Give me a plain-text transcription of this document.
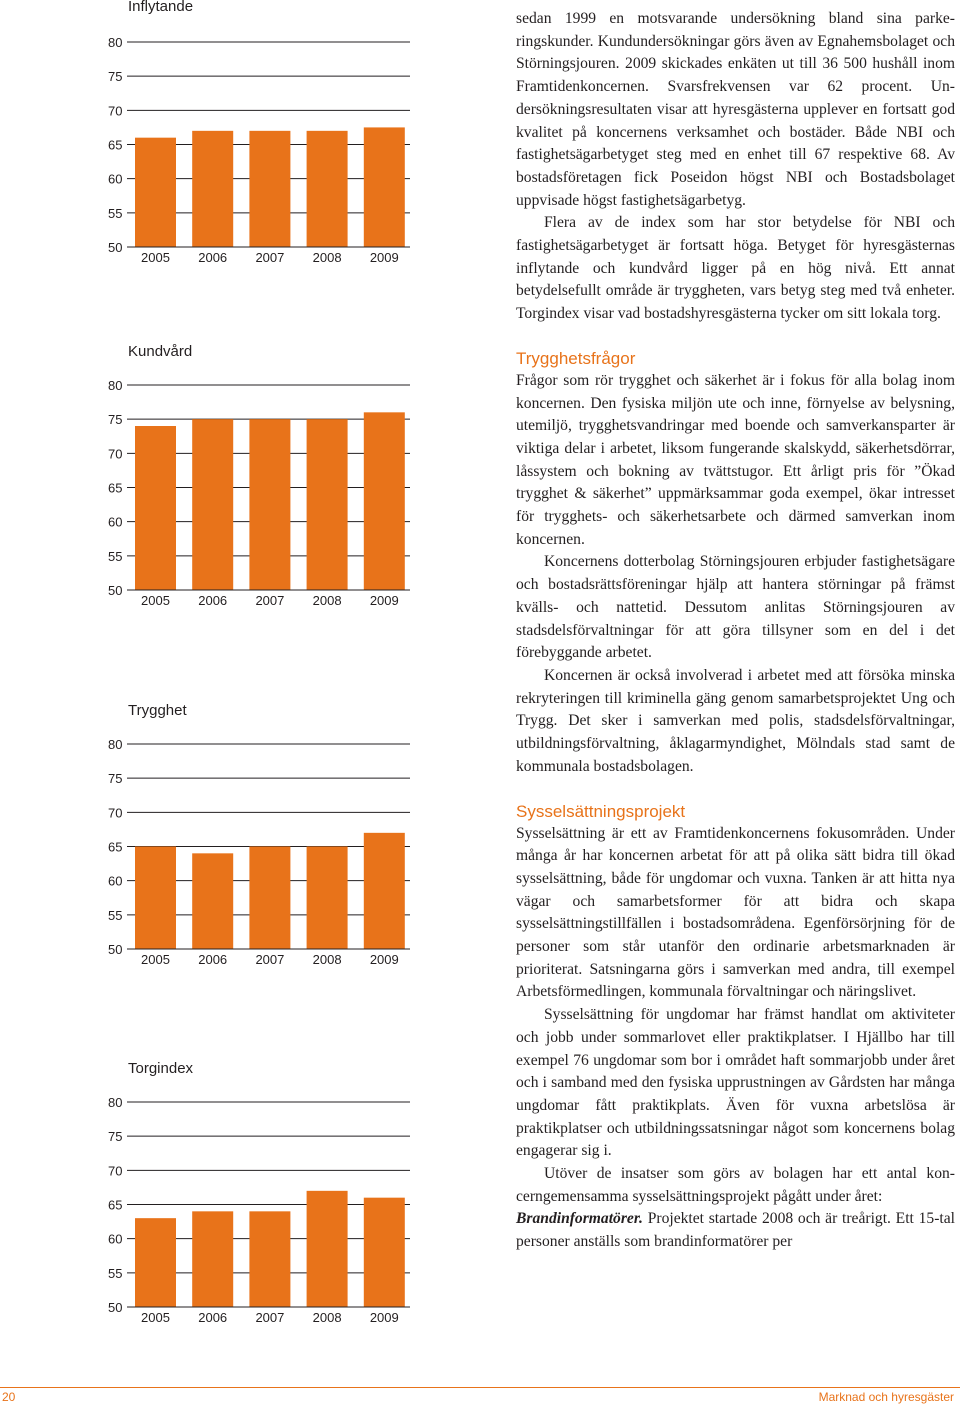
Inflytande
80
75
70
65
60
55
50
2005 2006 2007 2008 2009
Kundvård
80
75
70
65
60
55
50
2005 2006 2007 2008 2009
Trygghet
80
75
70
65
60
55
50
2005 2006 2007 2008 2009
Torgindex
80
75
70
65
60
55
50
2005 2006 2007 2008 2009

sedan 1999 en motsvarande undersökning bland sina parkeringskunder. Kundundersökningar görs även av Egnahemsbolaget och Störningsjouren. 2009 skickades enkäten ut till 36 500 hushåll inom Framtidenkoncernen. Svarsfrekvensen var 62 procent. Undersökningsresultaten visar att hyresgästerna upplever en fortsatt god kvalitet på koncernens verksamhet och bostäder. Både NBI och fastighetsägarbetyget steg med en enhet till 67 respektive 68. Av bostadsföretagen fick Poseidon högst NBI och Bostadsbolaget uppvisade högst fastighetsägarbetyg.

Flera av de index som har stor betydelse för NBI och fastighetsägarbetyget är fortsatt höga. Betyget för hyresgästernas inflytande och kundvård ligger på en hög nivå. Ett annat betydelsefullt område är tryggheten, vars betyg steg med två enheter. Torgindex visar vad bostadshyresgästerna tycker om sitt lokala torg.

Trygghetsfrågor

Frågor som rör trygghet och säkerhet är i fokus för alla bolag inom koncernen. Den fysiska miljön ute och inne, förnyelse av belysning, utemiljö, trygghetsvandringar med boende och samverkansparter är viktiga delar i arbetet, liksom fungerande skalskydd, säkerhetsdörrar, låssystem och bokning av tvättstugor. Ett årligt pris för ”Ökad trygghet & säkerhet” uppmärksammar goda exempel, ökar intresset för trygghets- och säkerhetsarbete och därmed samverkan inom koncernen.

Koncernens dotterbolag Störningsjouren erbjuder fastighetsägare och bostadsrättsföreningar hjälp att hantera störningar på främst kvälls- och nattetid. Dessutom anlitas Störningsjouren av stadsdelsförvaltningar för att göra tillsyner som en del i det förebyggande arbetet.

Koncernen är också involverad i arbetet med att försöka minska rekryteringen till kriminella gäng genom samarbetsprojektet Ung och Trygg. Det sker i samverkan med polis, stadsdelsförvaltningar, utbildningsförvaltning, åklagarmyndighet, Mölndals stad samt de kommunala bostadsbolagen.

Sysselsättningsprojekt

Sysselsättning är ett av Framtidenkoncernens fokusområden. Under många år har koncernen arbetat för att på olika sätt bidra till ökad sysselsättning, både för ungdomar och vuxna. Tanken är att hitta nya vägar och samarbetsformer för att bidra och skapa sysselsättningstillfällen i bostadsområdena. Egenförsörjning för de personer som står utanför den ordinarie arbetsmarknaden är prioriterat. Satsningarna görs i samverkan med andra, till exempel Arbetsförmedlingen, kommunala förvaltningar och näringslivet.

Sysselsättning för ungdomar har främst handlat om aktiviteter och jobb under sommarlovet eller praktikplatser. I Hjällbo har till exempel 76 ungdomar som bor i området haft sommarjobb under året och i samband med den fysiska upprustningen av Gårdsten har många ungdomar fått praktikplats. Även för vuxna arbetslösa är praktikplatser och utbildningssatsningar något som koncernens bolag engagerar sig i.

Utöver de insatser som görs av bolagen har ett antal koncerngemensamma sysselsättningsprojekt pågått under året:

Brandinformatörer. Projektet startade 2008 och är treårigt. Ett 15-tal personer anställs som brandinformatörer per

20	Marknad och hyresgäster
